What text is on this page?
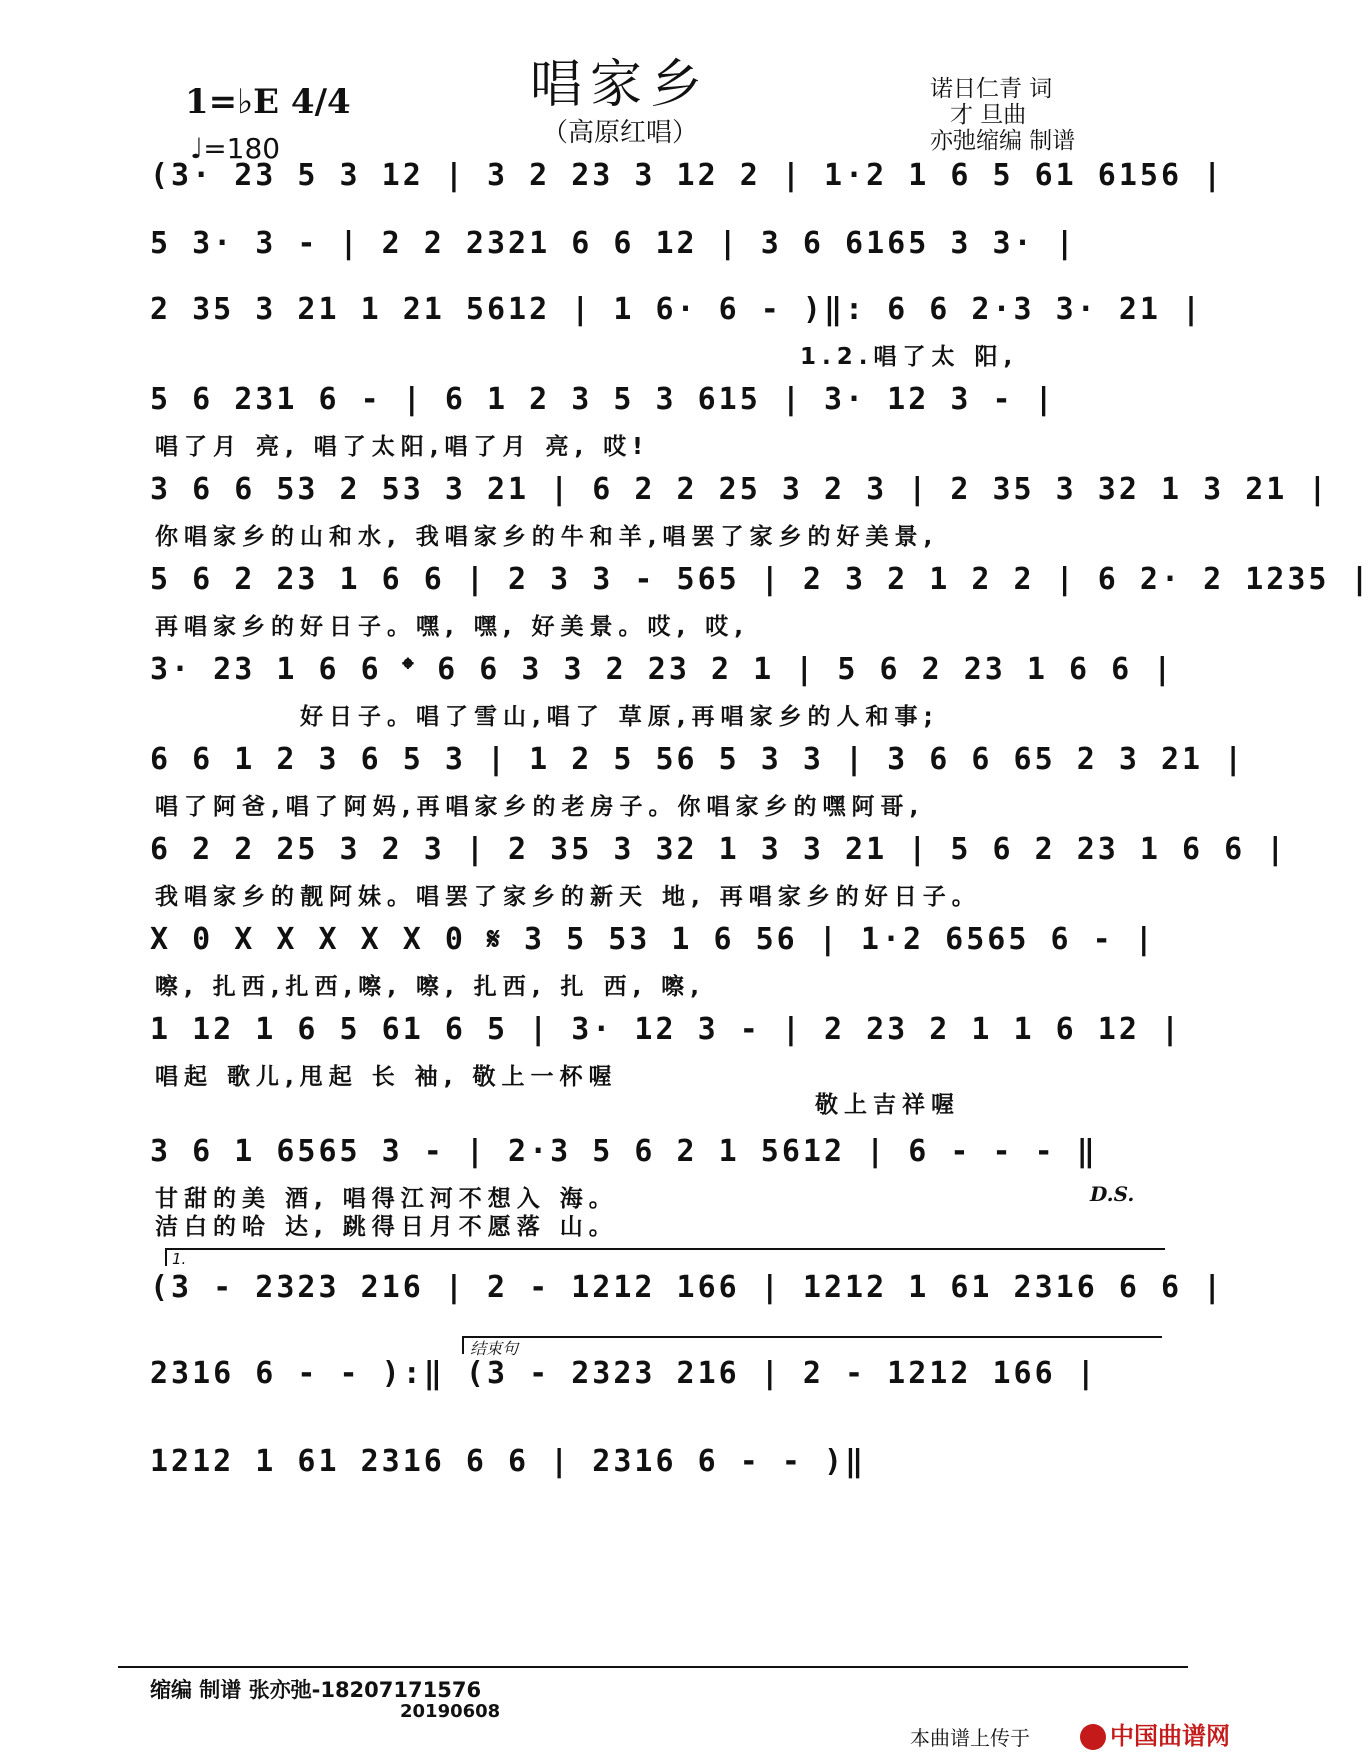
唱家乡
（高原红唱）
1=♭E 4/4
♩=180
诺日仁青 词
才 旦曲
亦弛缩编 制谱
(3· 23 5 3 12 | 3 2 23 3 12 2 | 1·2 1 6 5 61 6156 |
5 3· 3 - | 2 2 2321 6 6 12 | 3 6 6165 3 3· |
2 35 3 21 1 21 5612 | 1 6· 6 - )‖: 6 6 2·3 3· 21 |
1.2.唱了太 阳,
5 6 231 6 - | 6 1 2 3 5 3 615 | 3· 12 3 - |
唱了月 亮, 唱了太阳,唱了月 亮, 哎!
3 6 6 53 2 53 3 21 | 6 2 2 25 3 2 3 | 2 35 3 32 1 3 21 |
你唱家乡的山和水, 我唱家乡的牛和羊,唱罢了家乡的好美景,
5 6 2 23 1 6 6 | 2 3 3 - 565 | 2 3 2 1 2 2 | 6 2· 2 1235 |
再唱家乡的好日子。嘿, 嘿, 好美景。哎, 哎,
3· 23 1 6 6 𝄌 6 6 3 3 2 23 2 1 | 5 6 2 23 1 6 6 |
好日子。唱了雪山,唱了 草原,再唱家乡的人和事;
6 6 1 2 3 6 5 3 | 1 2 5 56 5 3 3 | 3 6 6 65 2 3 21 |
唱了阿爸,唱了阿妈,再唱家乡的老房子。你唱家乡的嘿阿哥,
6 2 2 25 3 2 3 | 2 35 3 32 1 3 3 21 | 5 6 2 23 1 6 6 |
我唱家乡的靓阿妹。唱罢了家乡的新天 地, 再唱家乡的好日子。
X 0 X X X X X 0 𝄋 3 5 53 1 6 56 | 1·2 6565 6 - |
嚓, 扎西,扎西,嚓, 嚓, 扎西, 扎 西, 嚓,
1 12 1 6 5 61 6 5 | 3· 12 3 - | 2 23 2 1 1 6 12 |
唱起 歌儿,甩起 长 袖, 敬上一杯喔
敬上吉祥喔
3 6 1 6565 3 - | 2·3 5 6 2 1 5612 | 6 - - - ‖
甘甜的美 酒, 唱得江河不想入 海。
洁白的哈 达, 跳得日月不愿落 山。
D.S.
1.
(3 - 2323 216 | 2 - 1212 166 | 1212 1 61 2316 6 6 |
结束句
2316 6 - - ):‖ (3 - 2323 216 | 2 - 1212 166 |
1212 1 61 2316 6 6 | 2316 6 - - )‖
缩编 制谱 张亦弛-18207171576
20190608
本曲谱上传于	中国曲谱网
